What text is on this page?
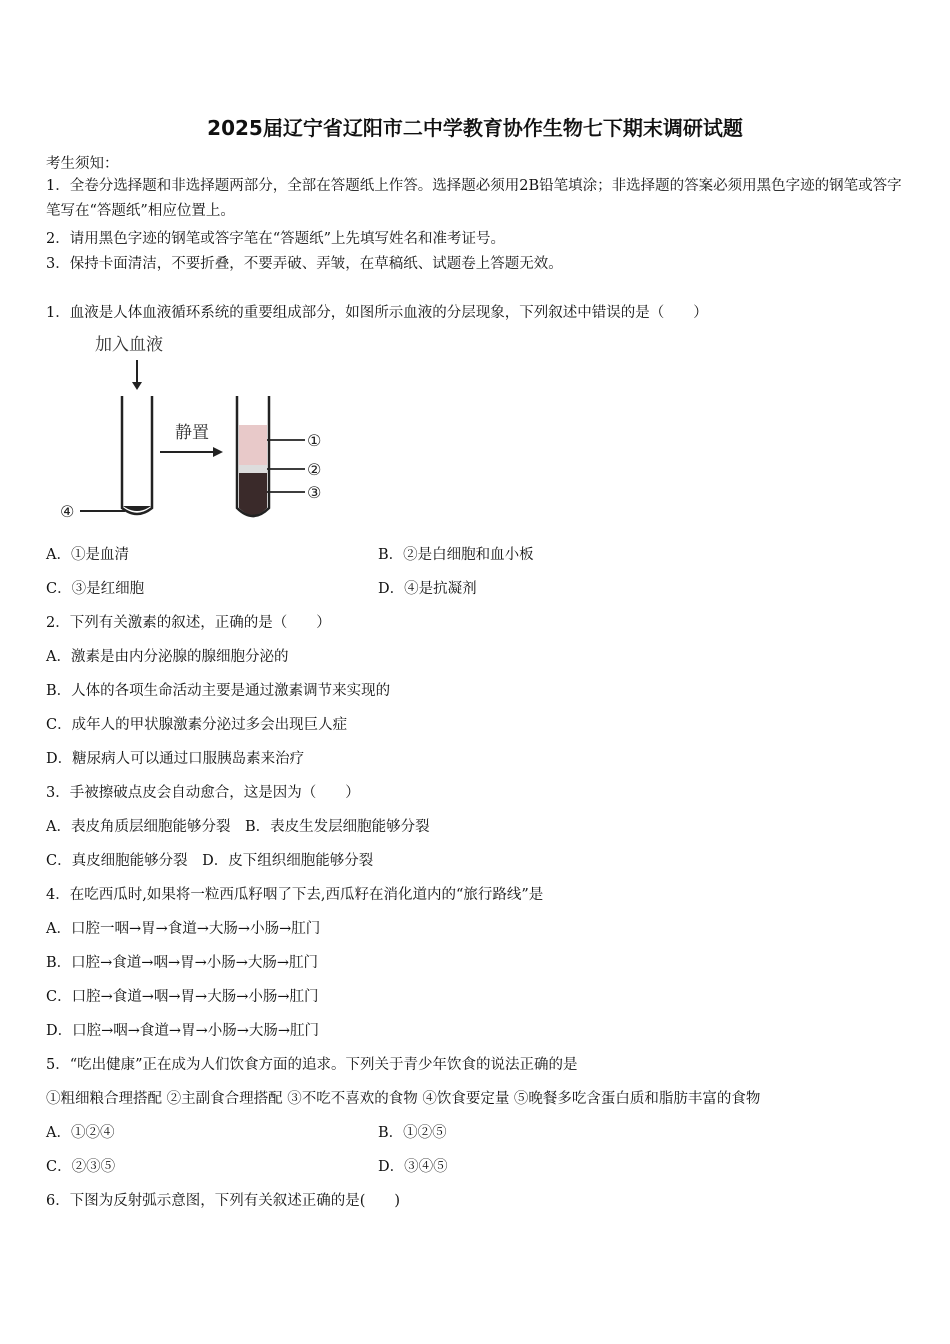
2025届辽宁省辽阳市二中学教育协作生物七下期末调研试题
考生须知：
1．全卷分选择题和非选择题两部分，全部在答题纸上作答。选择题必须用2B铅笔填涂；非选择题的答案必须用黑色字迹的钢笔或答字笔写在“答题纸”相应位置上。
2．请用黑色字迹的钢笔或答字笔在“答题纸”上先填写姓名和准考证号。
3．保持卡面清洁，不要折叠，不要弄破、弄皱，在草稿纸、试题卷上答题无效。
1．血液是人体血液循环系统的重要组成部分，如图所示血液的分层现象，下列叙述中错误的是（　　）
加入血液
④
静置	①
②
③
A．①是血清	B．②是白细胞和血小板
C．③是红细胞	D．④是抗凝剂
2．下列有关激素的叙述，正确的是（　　）
A．激素是由内分泌腺的腺细胞分泌的
B．人体的各项生命活动主要是通过激素调节来实现的
C．成年人的甲状腺激素分泌过多会出现巨人症
D．糖尿病人可以通过口服胰岛素来治疗
3．手被擦破点皮会自动愈合，这是因为（　　）
A．表皮角质层细胞能够分裂　B．表皮生发层细胞能够分裂
C．真皮细胞能够分裂　D．皮下组织细胞能够分裂
4．在吃西瓜时,如果将一粒西瓜籽咽了下去,西瓜籽在消化道内的“旅行路线”是
A．口腔一咽→胃→食道→大肠→小肠→肛门
B．口腔→食道→咽→胃→小肠→大肠→肛门
C．口腔→食道→咽→胃→大肠→小肠→肛门
D．口腔→咽→食道→胃→小肠→大肠→肛门
5．“吃出健康”正在成为人们饮食方面的追求。下列关于青少年饮食的说法正确的是
①粗细粮合理搭配 ②主副食合理搭配 ③不吃不喜欢的食物 ④饮食要定量 ⑤晚餐多吃含蛋白质和脂肪丰富的食物
A．①②④	B．①②⑤
C．②③⑤	D．③④⑤
6．下图为反射弧示意图，下列有关叙述正确的是(　　)
